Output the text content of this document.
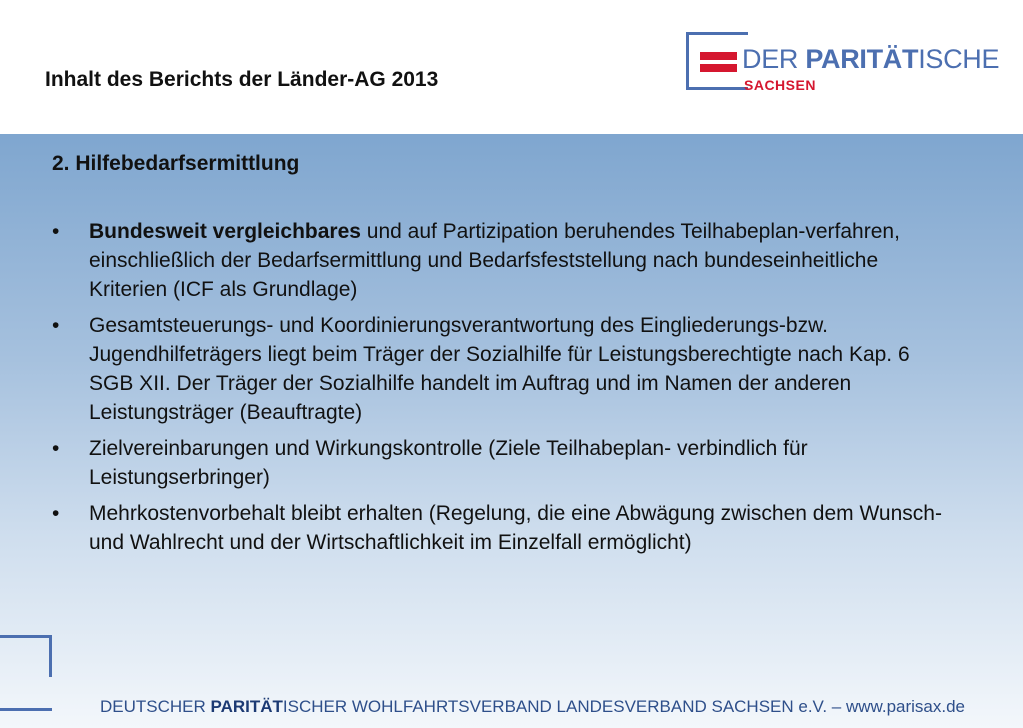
Inhalt des Berichts der Länder-AG 2013
DER PARITÄTISCHE
SACHSEN
2. Hilfebedarfsermittlung
• Bundesweit vergleichbares und auf Partizipation beruhendes Teilhabeplan-verfahren, einschließlich der Bedarfsermittlung und Bedarfsfeststellung nach bundeseinheitliche Kriterien (ICF als Grundlage)
• Gesamtsteuerungs- und Koordinierungsverantwortung des Eingliederungs-bzw. Jugendhilfeträgers liegt beim Träger der Sozialhilfe für Leistungsberechtigte nach Kap. 6 SGB XII. Der Träger der Sozialhilfe handelt im Auftrag und im Namen der anderen Leistungsträger (Beauftragte)
• Zielvereinbarungen und Wirkungskontrolle (Ziele Teilhabeplan- verbindlich für Leistungserbringer)
• Mehrkostenvorbehalt bleibt erhalten (Regelung, die eine Abwägung zwischen dem Wunsch- und Wahlrecht und der Wirtschaftlichkeit im Einzelfall ermöglicht)
DEUTSCHER PARITÄTISCHER WOHLFAHRTSVERBAND LANDESVERBAND SACHSEN e.V. – www.parisax.de
